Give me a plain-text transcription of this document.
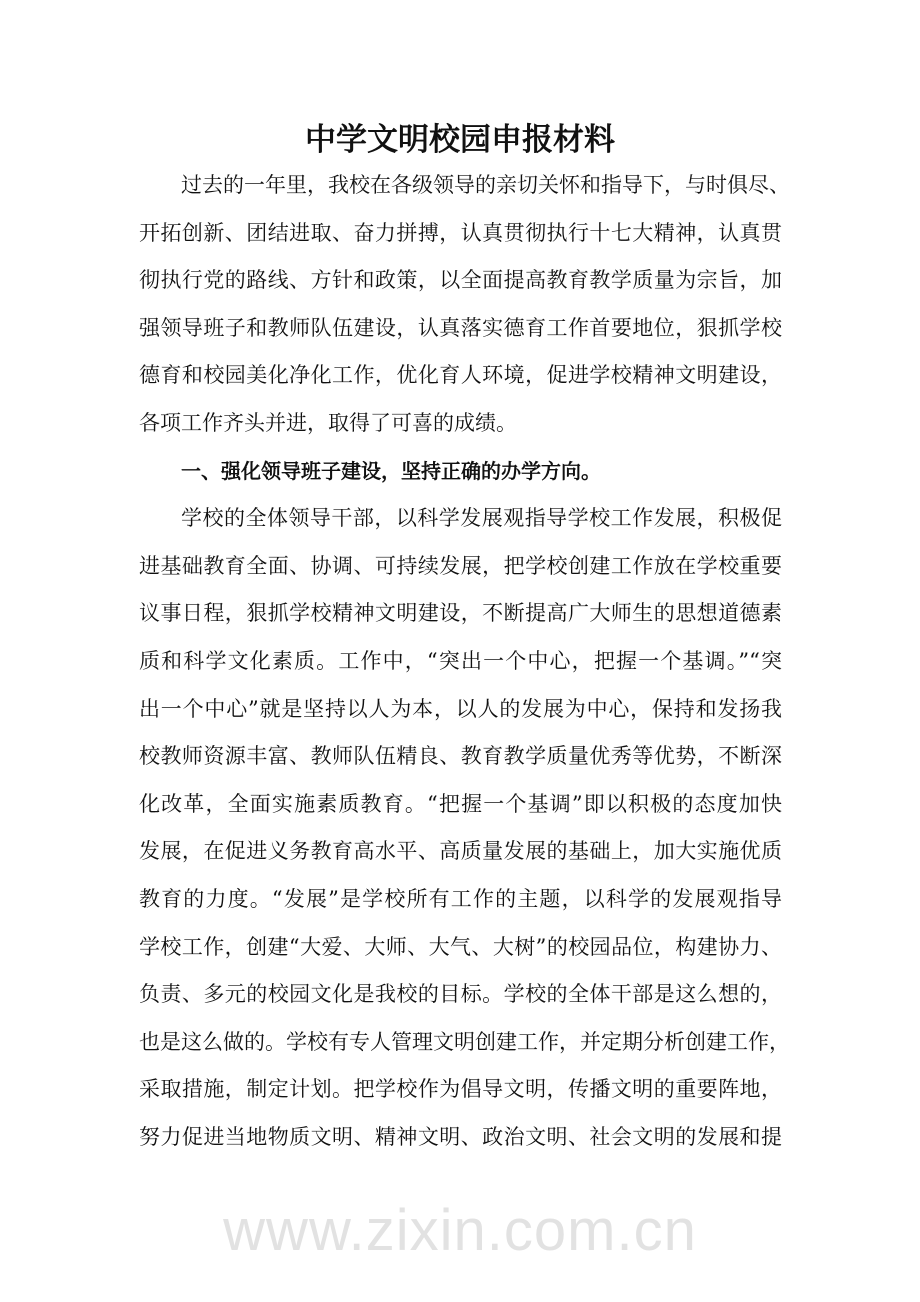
中学文明校园申报材料
过去的一年里，我校在各级领导的亲切关怀和指导下，与时俱尽、
开拓创新、团结进取、奋力拼搏，认真贯彻执行十七大精神，认真贯
彻执行党的路线、方针和政策，以全面提高教育教学质量为宗旨，加
强领导班子和教师队伍建设，认真落实德育工作首要地位，狠抓学校
德育和校园美化净化工作，优化育人环境，促进学校精神文明建设，
各项工作齐头并进，取得了可喜的成绩。
一、强化领导班子建设，坚持正确的办学方向。
学校的全体领导干部，以科学发展观指导学校工作发展，积极促
进基础教育全面、协调、可持续发展，把学校创建工作放在学校重要
议事日程，狠抓学校精神文明建设，不断提高广大师生的思想道德素
质和科学文化素质。工作中，“突出一个中心，把握一个基调。”“突
出一个中心”就是坚持以人为本，以人的发展为中心，保持和发扬我
校教师资源丰富、教师队伍精良、教育教学质量优秀等优势，不断深
化改革，全面实施素质教育。“把握一个基调”即以积极的态度加快
发展，在促进义务教育高水平、高质量发展的基础上，加大实施优质
教育的力度。“发展”是学校所有工作的主题，以科学的发展观指导
学校工作，创建“大爱、大师、大气、大树”的校园品位，构建协力、
负责、多元的校园文化是我校的目标。学校的全体干部是这么想的，
也是这么做的。学校有专人管理文明创建工作，并定期分析创建工作，
采取措施，制定计划。把学校作为倡导文明，传播文明的重要阵地，
努力促进当地物质文明、精神文明、政治文明、社会文明的发展和提
www.zixin.com.cn
